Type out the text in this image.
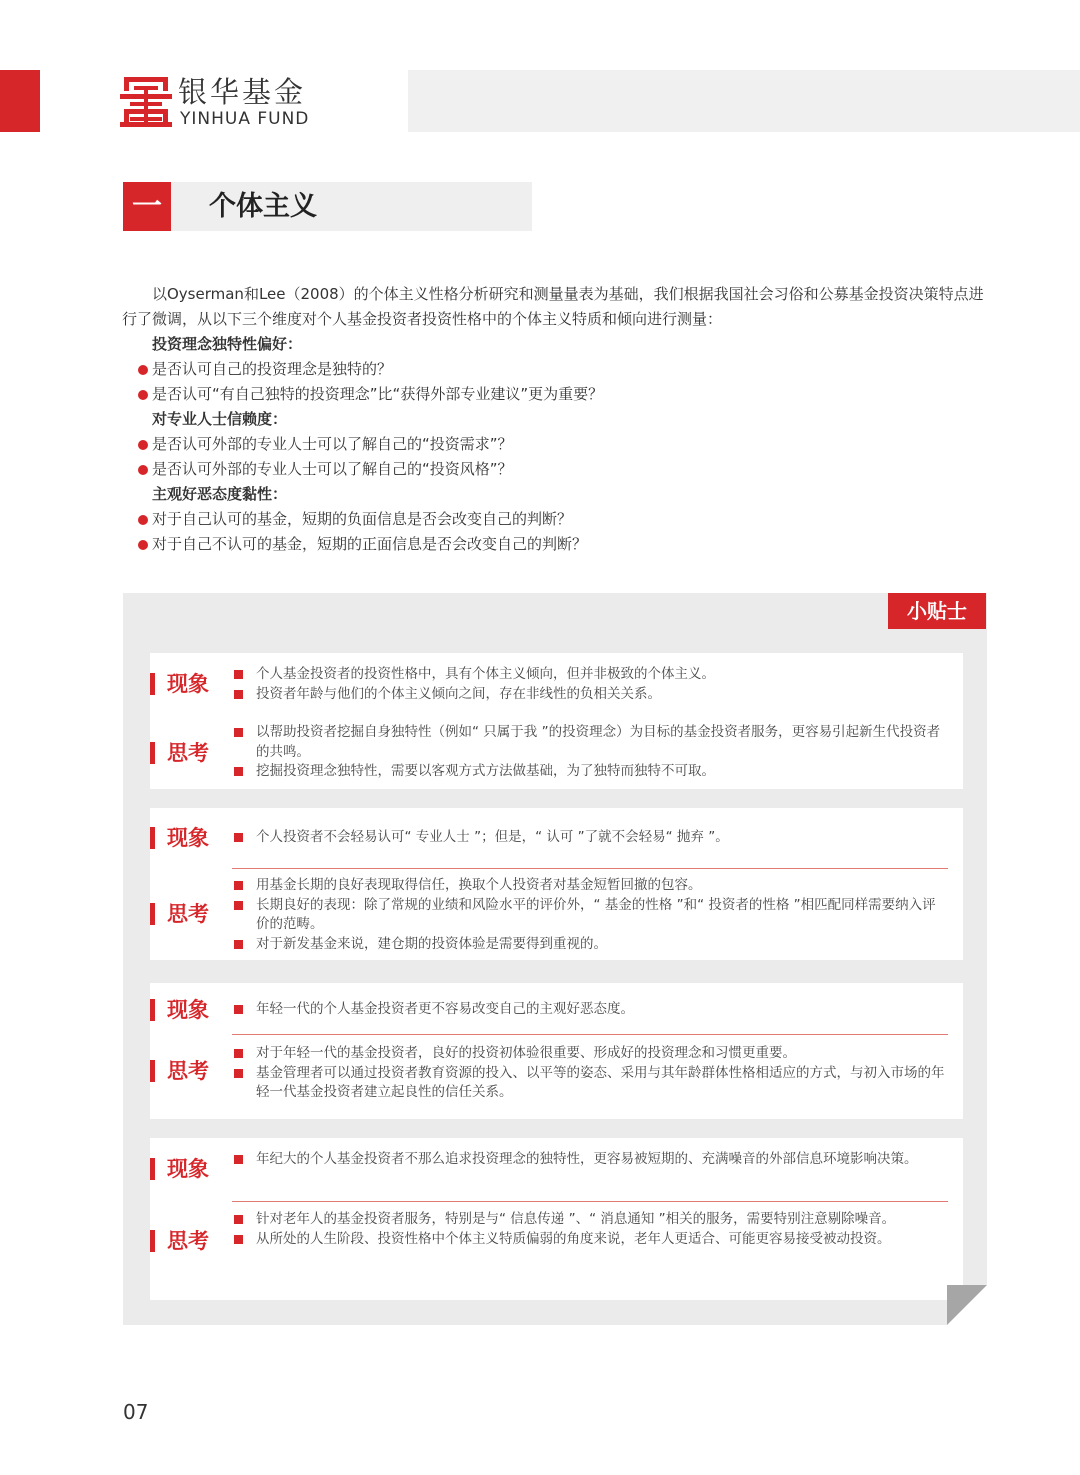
银华基金
YINHUA FUND
一	个体主义

以Oyserman和Lee（2008）的个体主义性格分析研究和测量量表为基础，我们根据我国社会习俗和公募基金投资决策特点进行了微调，从以下三个维度对个人基金投资者投资性格中的个体主义特质和倾向进行测量：

投资理念独特性偏好：

是否认可自己的投资理念是独特的？

是否认可“有自己独特的投资理念”比“获得外部专业建议”更为重要？

对专业人士信赖度：

是否认可外部的专业人士可以了解自己的“投资需求”？

是否认可外部的专业人士可以了解自己的“投资风格”？

主观好恶态度黏性：

对于自己认可的基金，短期的负面信息是否会改变自己的判断？

对于自己不认可的基金，短期的正面信息是否会改变自己的判断？

小贴士
现象	个人基金投资者的投资性格中，具有个体主义倾向，但并非极致的个体主义。

投资者年龄与他们的个体主义倾向之间，存在非线性的负相关关系。

思考

以帮助投资者挖掘自身独特性（例如“ 只属于我 ”的投资理念）为目标的基金投资者服务，更容易引起新生代投资者的共鸣。

挖掘投资理念独特性，需要以客观方式方法做基础，为了独特而独特不可取。

现象	个人投资者不会轻易认可“ 专业人士 ”；但是，“ 认可 ”了就不会轻易“ 抛弃 ”。

思考

用基金长期的良好表现取得信任，换取个人投资者对基金短暂回撤的包容。

长期良好的表现：除了常规的业绩和风险水平的评价外，“ 基金的性格 ”和“ 投资者的性格 ”相匹配同样需要纳入评价的范畴。

对于新发基金来说，建仓期的投资体验是需要得到重视的。

现象	年轻一代的个人基金投资者更不容易改变自己的主观好恶态度。

思考

对于年轻一代的基金投资者，良好的投资初体验很重要、形成好的投资理念和习惯更重要。

基金管理者可以通过投资者教育资源的投入、以平等的姿态、采用与其年龄群体性格相适应的方式，与初入市场的年轻一代基金投资者建立起良性的信任关系。

现象	年纪大的个人基金投资者不那么追求投资理念的独特性，更容易被短期的、充满噪音的外部信息环境影响决策。

思考

针对老年人的基金投资者服务，特别是与“ 信息传递 ”、“ 消息通知 ”相关的服务，需要特别注意剔除噪音。

从所处的人生阶段、投资性格中个体主义特质偏弱的角度来说，老年人更适合、可能更容易接受被动投资。

07
